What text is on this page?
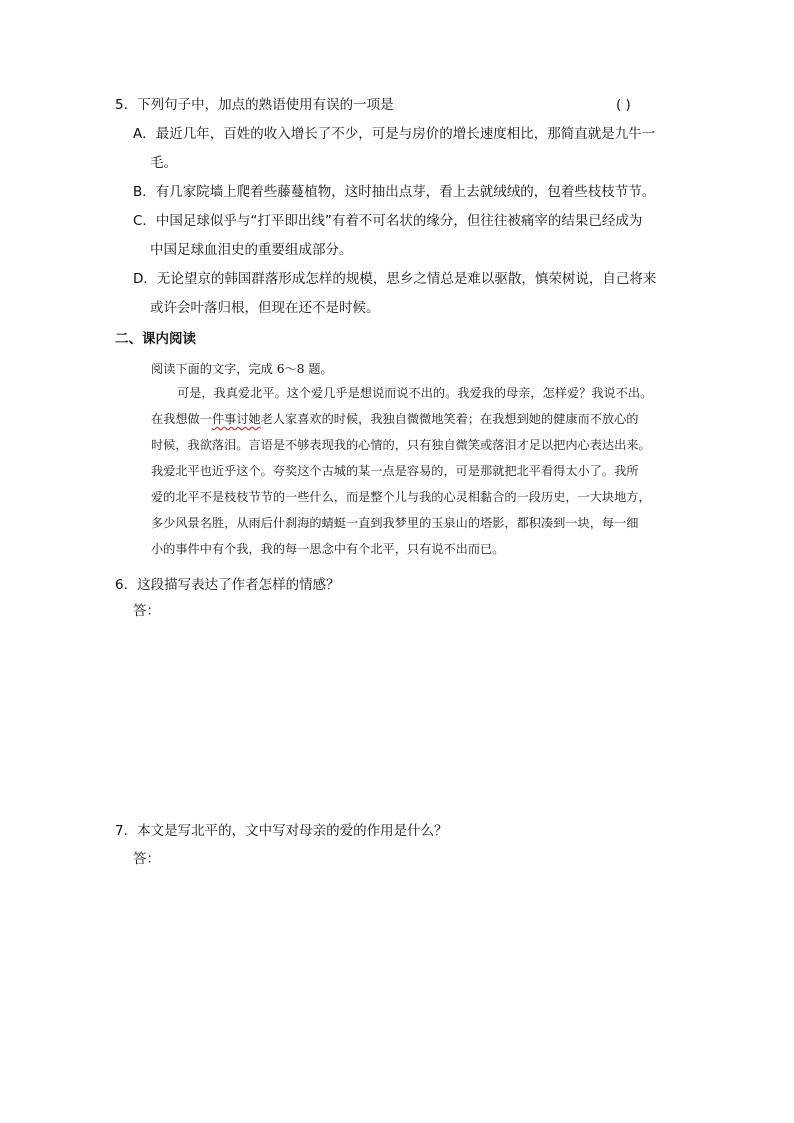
5．下列句子中，加点的熟语使用有误的一项是	( )
A．最近几年，百姓的收入增长了不少，可是与房价的增长速度相比，那简直就是九牛一
毛。
B．有几家院墙上爬着些藤蔓植物，这时抽出点芽，看上去就绒绒的，包着些枝枝节节。
C．中国足球似乎与“打平即出线”有着不可名状的缘分，但往往被痛宰的结果已经成为
中国足球血泪史的重要组成部分。
D．无论望京的韩国群落形成怎样的规模，思乡之情总是难以驱散，慎荣树说，自己将来
或许会叶落归根，但现在还不是时候。
二、课内阅读
阅读下面的文字，完成 6～8 题。
可是，我真爱北平。这个爱几乎是想说而说不出的。我爱我的母亲，怎样爱？我说不出。
在我想做一件事讨她老人家喜欢的时候，我独自微微地笑着；在我想到她的健康而不放心的
时候，我欲落泪。言语是不够表现我的心情的，只有独自微笑或落泪才足以把内心表达出来。
我爱北平也近乎这个。夸奖这个古城的某一点是容易的，可是那就把北平看得太小了。我所
爱的北平不是枝枝节节的一些什么，而是整个儿与我的心灵相黏合的一段历史，一大块地方，
多少风景名胜，从雨后什刹海的蜻蜓一直到我梦里的玉泉山的塔影，都积凑到一块，每一细
小的事件中有个我，我的每一思念中有个北平，只有说不出而已。
6．这段描写表达了作者怎样的情感？
答：
7．本文是写北平的，文中写对母亲的爱的作用是什么？
答：
